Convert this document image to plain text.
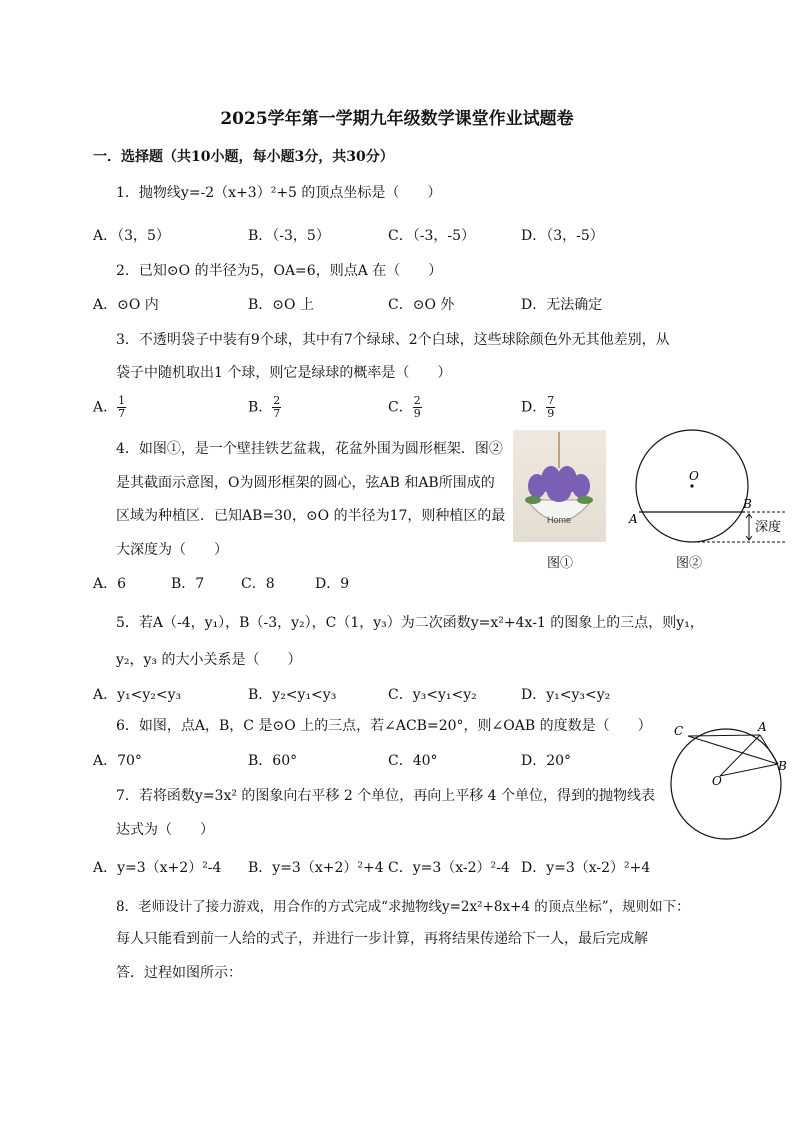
2025学年第一学期九年级数学课堂作业试题卷
一．选择题（共10小题，每小题3分，共30分）
1．抛物线y=-2（x+3）²+5 的顶点坐标是（　　）
A．（3，5）	B．（-3，5）	C．（-3，-5）	D．（3，-5）
2．已知⊙O 的半径为5，OA=6，则点A 在（　　）
A．⊙O 内	B．⊙O 上	C．⊙O 外	D．无法确定
3．不透明袋子中装有9个球，其中有7个绿球、2个白球，这些球除颜色外无其他差别，从
袋子中随机取出1 个球，则它是绿球的概率是（　　）
A． $\frac{1}{7}$	B． $\frac{2}{7}$	C． $\frac{2}{9}$	D． $\frac{7}{9}$
4．如图①，是一个壁挂铁艺盆栽，花盆外围为圆形框架．图②
是其截面示意图，O为圆形框架的圆心，弦AB 和AB所围成的
区域为种植区．已知AB=30，⊙O 的半径为17，则种植区的最
大深度为（　　）
Home
图①
O
A
B
深度
图②
A．6	B．7	C．8	D．9
5．若A（-4，y₁），B（-3，y₂），C（1，y₃）为二次函数y=x²+4x-1 的图象上的三点，则y₁，
y₂，y₃ 的大小关系是（　　）
A．y₁<y₂<y₃	B．y₂<y₁<y₃	C．y₃<y₁<y₂	D．y₁<y₃<y₂
6．如图，点A，B，C 是⊙O 上的三点，若∠ACB=20°，则∠OAB 的度数是（　　）
A．70°	B．60°	C．40°	D．20°
C	A
B
O
7．若将函数y=3x² 的图象向右平移 2 个单位，再向上平移 4 个单位，得到的抛物线表
达式为（　　）
A．y=3（x+2）²-4 B．y=3（x+2）²+4 C．y=3（x-2）²-4 D．y=3（x-2）²+4
8．老师设计了接力游戏，用合作的方式完成“求抛物线y=2x²+8x+4 的顶点坐标”，规则如下：
每人只能看到前一人给的式子，并进行一步计算，再将结果传递给下一人，最后完成解
答．过程如图所示：
